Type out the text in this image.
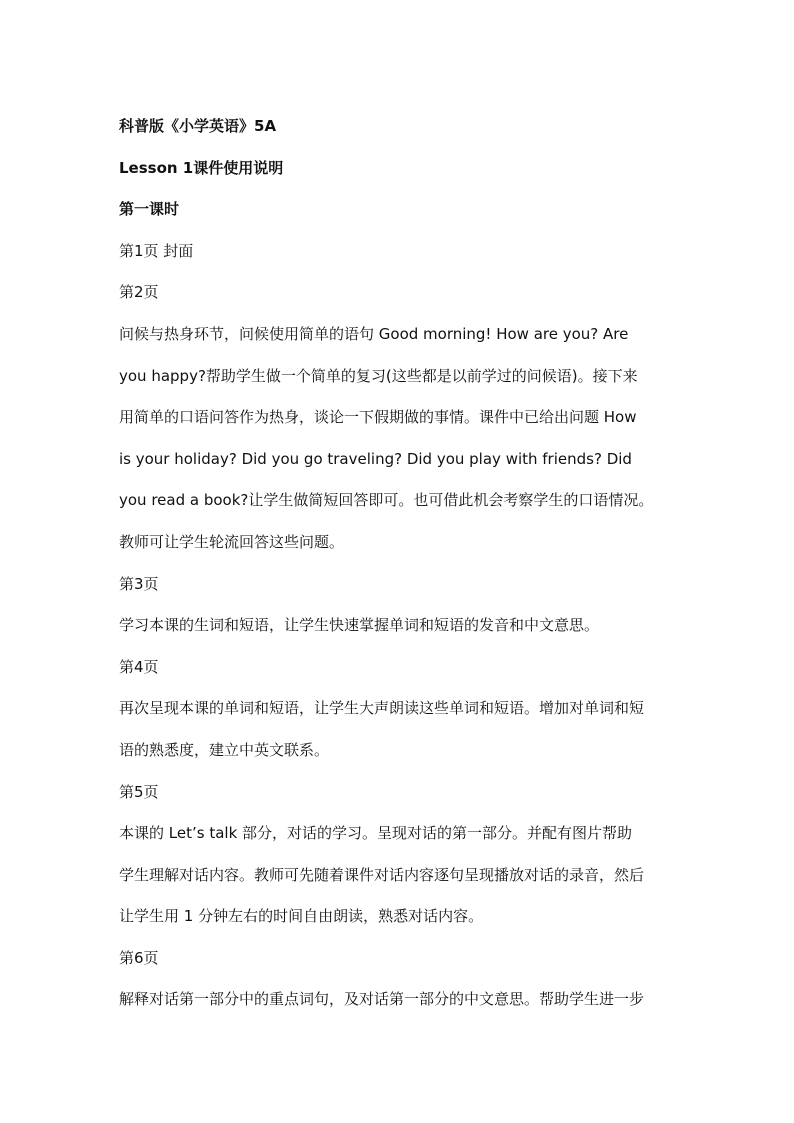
科普版《小学英语》5A

Lesson 1课件使用说明

第一课时

第1页 封面

第2页

问候与热身环节，问候使用简单的语句 Good morning! How are you? Are
you happy?帮助学生做一个简单的复习(这些都是以前学过的问候语)。接下来
用简单的口语问答作为热身，谈论一下假期做的事情。课件中已给出问题 How
is your holiday? Did you go traveling? Did you play with friends? Did
you read a book?让学生做简短回答即可。也可借此机会考察学生的口语情况。
教师可让学生轮流回答这些问题。

第3页

学习本课的生词和短语，让学生快速掌握单词和短语的发音和中文意思。

第4页

再次呈现本课的单词和短语，让学生大声朗读这些单词和短语。增加对单词和短
语的熟悉度，建立中英文联系。

第5页

本课的 Let’s talk 部分，对话的学习。呈现对话的第一部分。并配有图片帮助
学生理解对话内容。教师可先随着课件对话内容逐句呈现播放对话的录音，然后
让学生用 1 分钟左右的时间自由朗读，熟悉对话内容。

第6页

解释对话第一部分中的重点词句，及对话第一部分的中文意思。帮助学生进一步
